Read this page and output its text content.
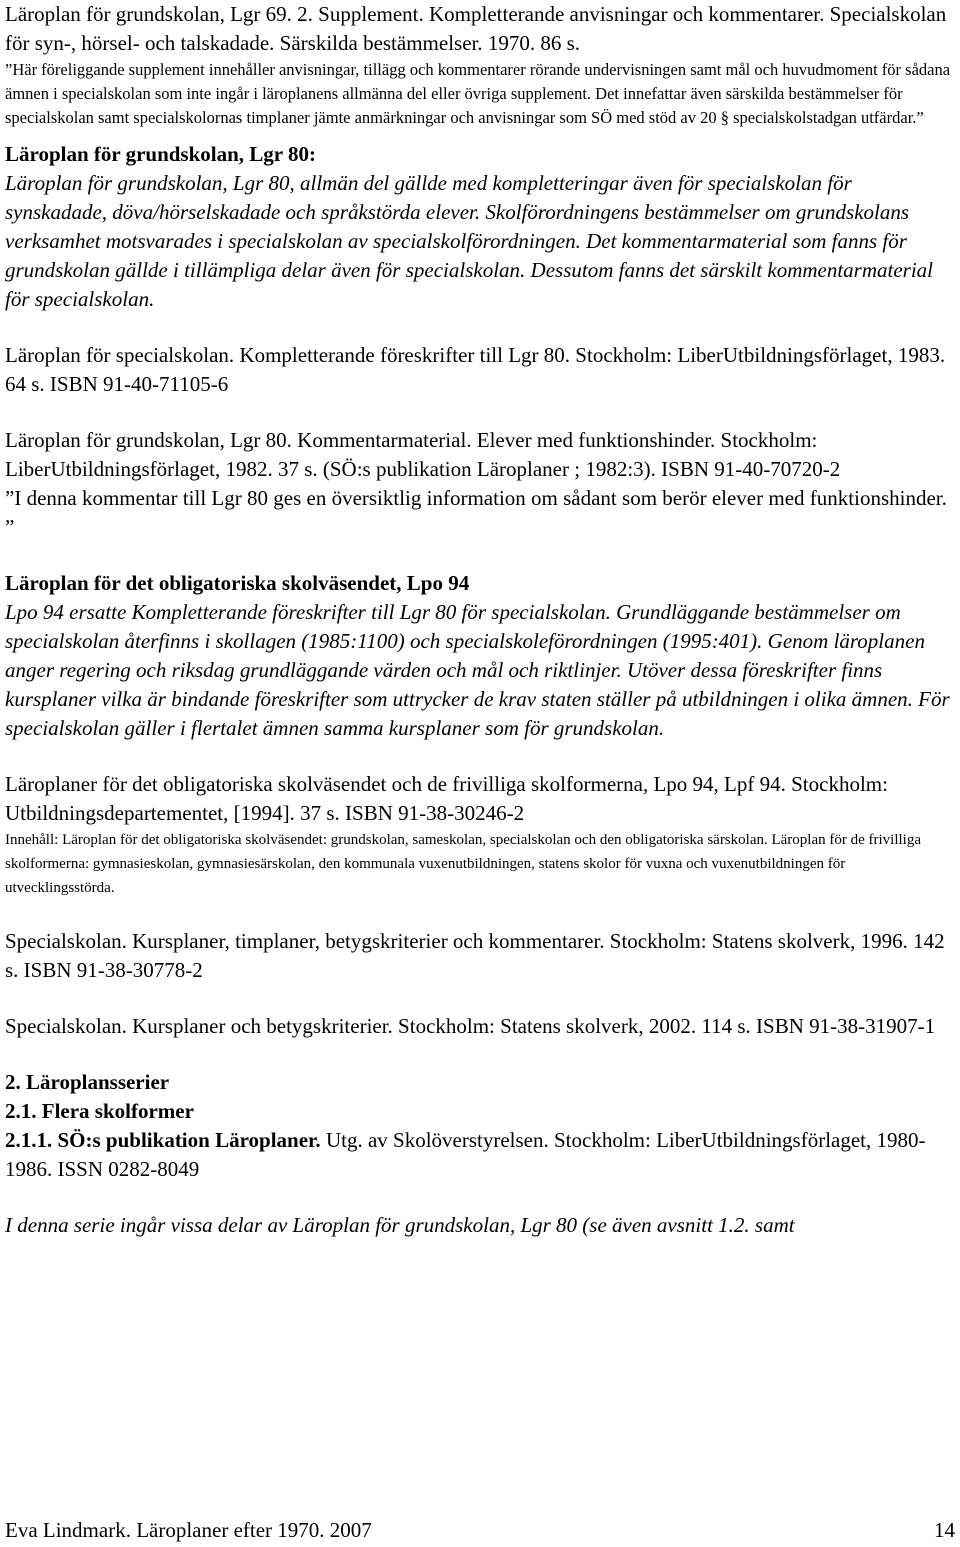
Läroplan för grundskolan, Lgr 69. 2. Supplement. Kompletterande anvisningar och kommentarer. Specialskolan för syn-, hörsel- och talskadade. Särskilda bestämmelser. 1970. 86 s.
”Här föreliggande supplement innehåller anvisningar, tillägg och kommentarer rörande undervisningen samt mål och huvudmoment för sådana ämnen i specialskolan som inte ingår i läroplanens allmänna del eller övriga supplement. Det innefattar även särskilda bestämmelser för specialskolan samt specialskolornas timplaner jämte anmärkningar och anvisningar som SÖ med stöd av 20 § specialskolstadgan utfärdar.”
Läroplan för grundskolan, Lgr 80:
Läroplan för grundskolan, Lgr 80, allmän del gällde med kompletteringar även för specialskolan för synskadade, döva/hörselskadade och språkstörda elever. Skolförordningens bestämmelser om grundskolans verksamhet motsvarades i specialskolan av specialskolförordningen. Det kommentarmaterial som fanns för grundskolan gällde i tillämpliga delar även för specialskolan. Dessutom fanns det särskilt kommentarmaterial för specialskolan.
Läroplan för specialskolan. Kompletterande föreskrifter till Lgr 80. Stockholm: LiberUtbildningsförlaget, 1983. 64 s. ISBN 91-40-71105-6
Läroplan för grundskolan, Lgr 80. Kommentarmaterial. Elever med funktionshinder. Stockholm: LiberUtbildningsförlaget, 1982. 37 s. (SÖ:s publikation Läroplaner ; 1982:3). ISBN 91-40-70720-2
”I denna kommentar till Lgr 80 ges en översiktlig information om sådant som berör elever med funktionshinder. ”
Läroplan för det obligatoriska skolväsendet, Lpo 94
Lpo 94 ersatte Kompletterande föreskrifter till Lgr 80 för specialskolan. Grundläggande bestämmelser om specialskolan återfinns i skollagen (1985:1100) och specialskoleförordningen (1995:401). Genom läroplanen anger regering och riksdag grundläggande värden och mål och riktlinjer. Utöver dessa föreskrifter finns kursplaner vilka är bindande föreskrifter som uttrycker de krav staten ställer på utbildningen i olika ämnen. För specialskolan gäller i flertalet ämnen samma kursplaner som för grundskolan.
Läroplaner för det obligatoriska skolväsendet och de frivilliga skolformerna, Lpo 94, Lpf 94. Stockholm: Utbildningsdepartementet, [1994]. 37 s. ISBN 91-38-30246-2
Innehåll: Läroplan för det obligatoriska skolväsendet: grundskolan, sameskolan, specialskolan och den obligatoriska särskolan. Läroplan för de frivilliga skolformerna: gymnasieskolan, gymnasiesärskolan, den kommunala vuxenutbildningen, statens skolor för vuxna och vuxenutbildningen för utvecklingsstörda.
Specialskolan. Kursplaner, timplaner, betygskriterier och kommentarer. Stockholm: Statens skolverk, 1996. 142 s. ISBN 91-38-30778-2
Specialskolan. Kursplaner och betygskriterier. Stockholm: Statens skolverk, 2002. 114 s. ISBN 91-38-31907-1
2. Läroplansserier
2.1. Flera skolformer
2.1.1. SÖ:s publikation Läroplaner. Utg. av Skolöverstyrelsen. Stockholm: LiberUtbildningsförlaget, 1980-1986. ISSN 0282-8049
I denna serie ingår vissa delar av Läroplan för grundskolan, Lgr 80 (se även avsnitt 1.2. samt
Eva Lindmark. Läroplaner efter 1970. 2007	14
